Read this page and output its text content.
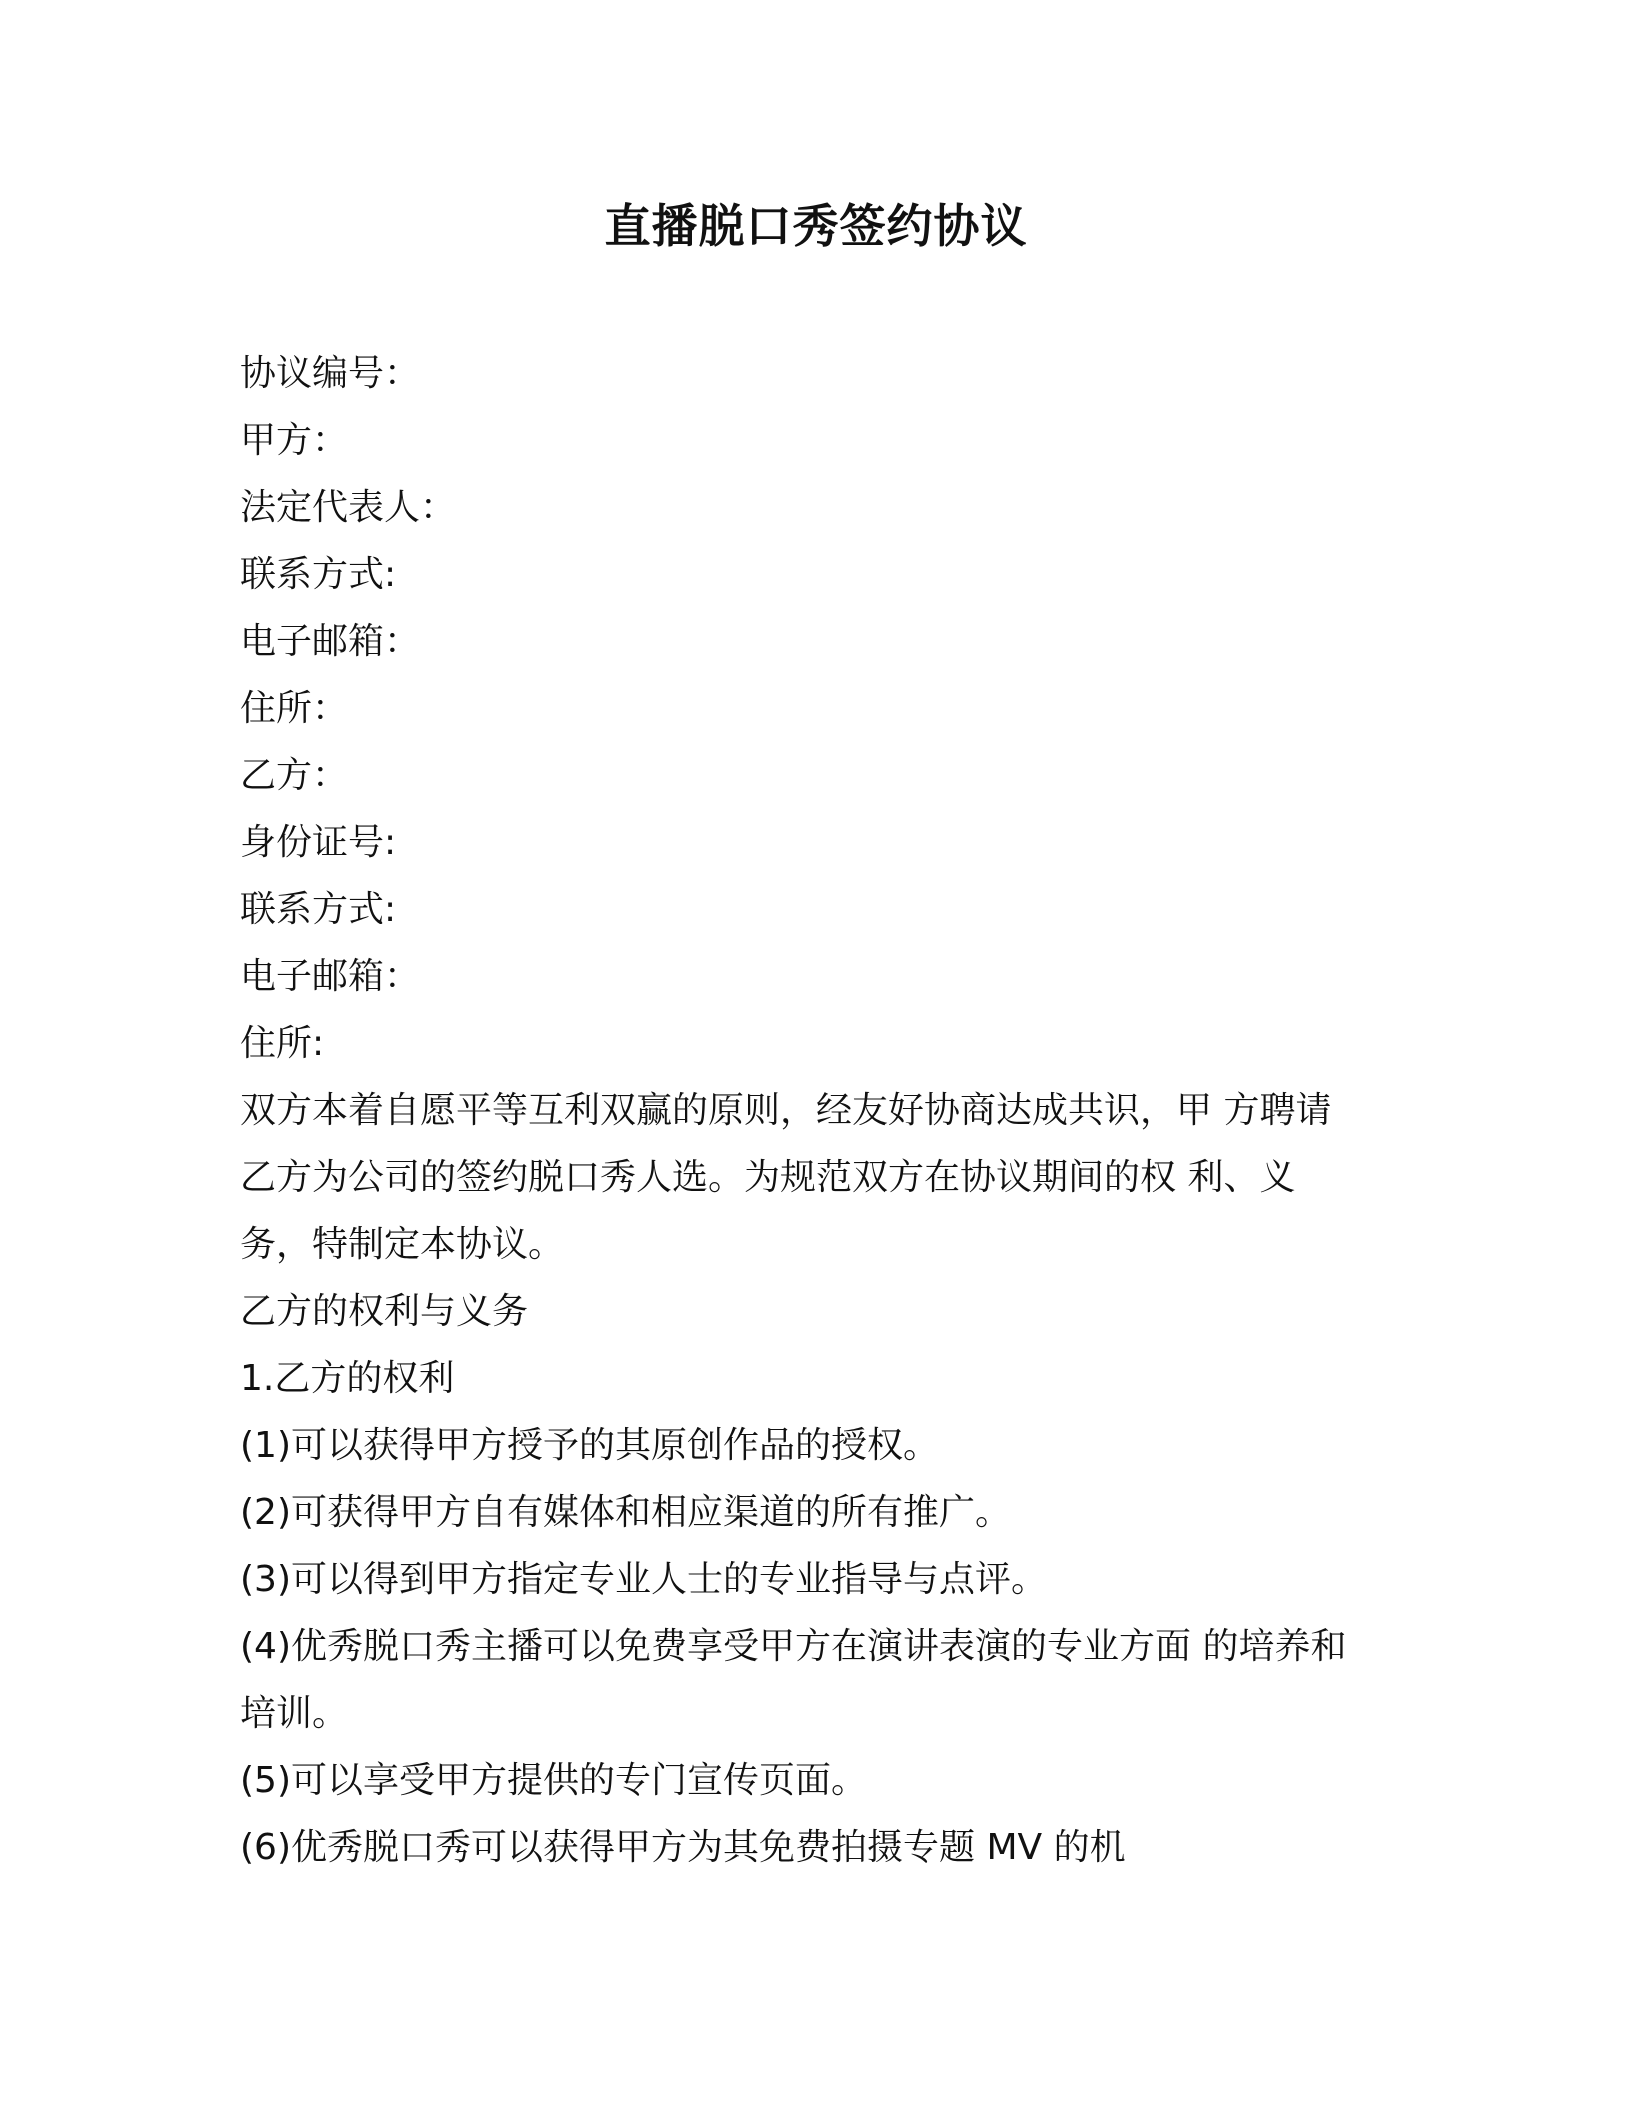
直播脱口秀签约协议
协议编号：
甲方：
法定代表人：
联系方式:
电子邮箱：
住所：
乙方：
身份证号:
联系方式:
电子邮箱：
住所:
双方本着自愿平等互利双赢的原则，经友好协商达成共识，甲 方聘请
乙方为公司的签约脱口秀人选。为规范双方在协议期间的权 利、义
务，特制定本协议。
乙方的权利与义务
1.乙方的权利
(1)可以获得甲方授予的其原创作品的授权。
(2)可获得甲方自有媒体和相应渠道的所有推广。
(3)可以得到甲方指定专业人士的专业指导与点评。
(4)优秀脱口秀主播可以免费享受甲方在演讲表演的专业方面 的培养和
培训。
(5)可以享受甲方提供的专门宣传页面。
(6)优秀脱口秀可以获得甲方为其免费拍摄专题 MV 的机
